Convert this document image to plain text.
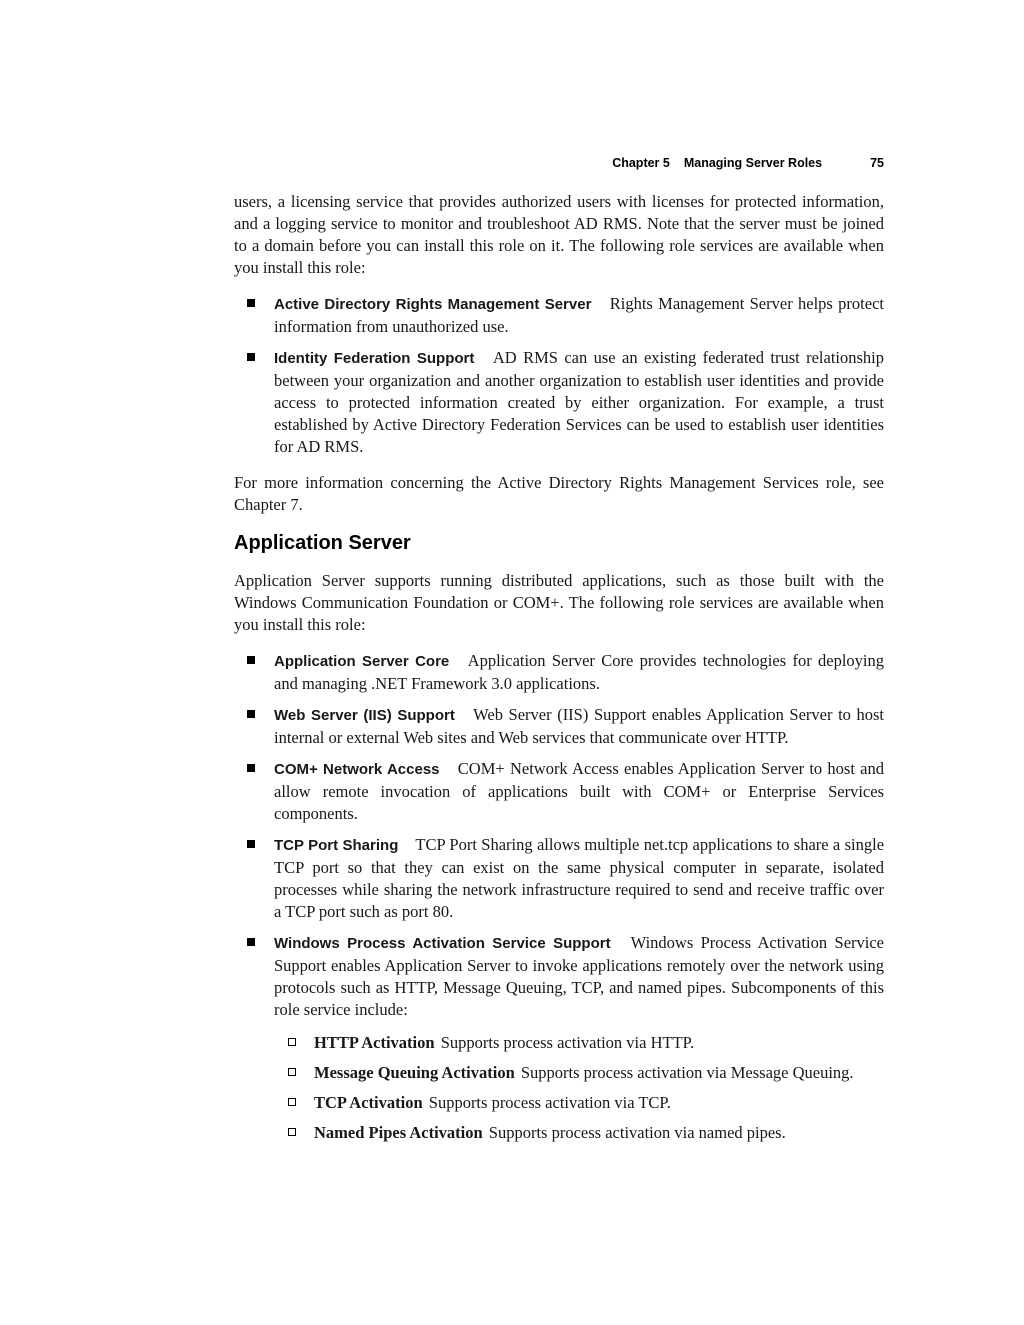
Chapter 5 Managing Server Roles	75

users, a licensing service that provides authorized users with licenses for protected information, and a logging service to monitor and troubleshoot AD RMS. Note that the server must be joined to a domain before you can install this role on it. The following role services are available when you install this role:

Active Directory Rights Management Server Rights Management Server helps protect information from unauthorized use.
Identity Federation Support AD RMS can use an existing federated trust relationship between your organization and another organization to establish user identities and provide access to protected information created by either organization. For example, a trust established by Active Directory Federation Services can be used to establish user identities for AD RMS.

For more information concerning the Active Directory Rights Management Services role, see Chapter 7.

Application Server

Application Server supports running distributed applications, such as those built with the Windows Communication Foundation or COM+. The following role services are available when you install this role:

Application Server Core Application Server Core provides technologies for deploying and managing .NET Framework 3.0 applications.
Web Server (IIS) Support Web Server (IIS) Support enables Application Server to host internal or external Web sites and Web services that communicate over HTTP.
COM+ Network Access COM+ Network Access enables Application Server to host and allow remote invocation of applications built with COM+ or Enterprise Services components.
TCP Port Sharing TCP Port Sharing allows multiple net.tcp applications to share a single TCP port so that they can exist on the same physical computer in separate, isolated processes while sharing the network infrastructure required to send and receive traffic over a TCP port such as port 80.
Windows Process Activation Service Support Windows Process Activation Service Support enables Application Server to invoke applications remotely over the network using protocols such as HTTP, Message Queuing, TCP, and named pipes. Subcomponents of this role service include:
HTTP Activation Supports process activation via HTTP.
Message Queuing Activation Supports process activation via Message Queuing.
TCP Activation Supports process activation via TCP.
Named Pipes Activation Supports process activation via named pipes.
